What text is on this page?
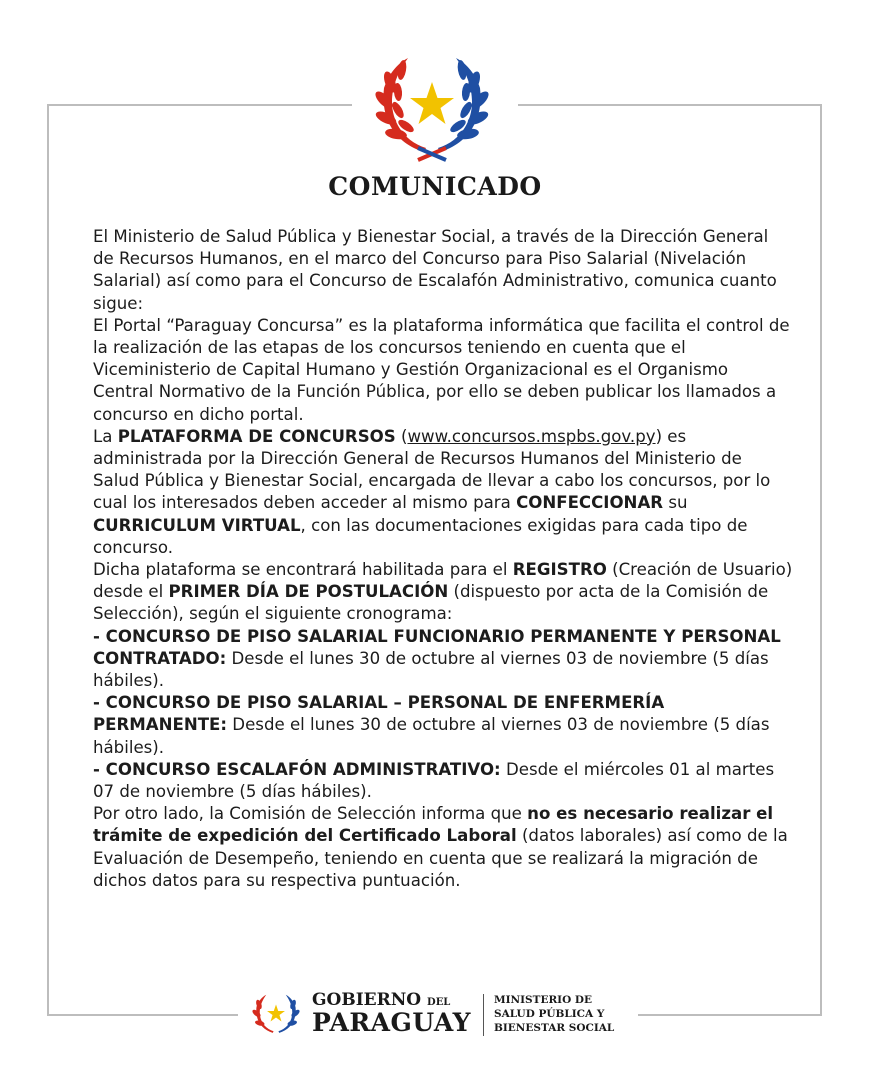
COMUNICADO

El Ministerio de Salud Pública y Bienestar Social, a través de la Dirección General de Recursos Humanos, en el marco del Concurso para Piso Salarial (Nivelación Salarial) así como para el Concurso de Escalafón Administrativo, comunica cuanto sigue:

El Portal “Paraguay Concursa” es la plataforma informática que facilita el control de la realización de las etapas de los concursos teniendo en cuenta que el Viceministerio de Capital Humano y Gestión Organizacional es el Organismo Central Normativo de la Función Pública, por ello se deben publicar los llamados a concurso en dicho portal.

La PLATAFORMA DE CONCURSOS (www.concursos.mspbs.gov.py) es administrada por la Dirección General de Recursos Humanos del Ministerio de Salud Pública y Bienestar Social, encargada de llevar a cabo los concursos, por lo cual los interesados deben acceder al mismo para CONFECCIONAR su CURRICULUM VIRTUAL, con las documentaciones exigidas para cada tipo de concurso.

Dicha plataforma se encontrará habilitada para el REGISTRO (Creación de Usuario) desde el PRIMER DÍA DE POSTULACIÓN (dispuesto por acta de la Comisión de Selección), según el siguiente cronograma:

- CONCURSO DE PISO SALARIAL FUNCIONARIO PERMANENTE Y PERSONAL CONTRATADO: Desde el lunes 30 de octubre al viernes 03 de noviembre (5 días hábiles).

- CONCURSO DE PISO SALARIAL – PERSONAL DE ENFERMERÍA PERMANENTE: Desde el lunes 30 de octubre al viernes 03 de noviembre (5 días hábiles).

- CONCURSO ESCALAFÓN ADMINISTRATIVO: Desde el miércoles 01 al martes 07 de noviembre (5 días hábiles).

Por otro lado, la Comisión de Selección informa que no es necesario realizar el trámite de expedición del Certificado Laboral (datos laborales) así como de la Evaluación de Desempeño, teniendo en cuenta que se realizará la migración de dichos datos para su respectiva puntuación.

GOBIERNO DEL
PARAGUAY
MINISTERIO DE
SALUD PÚBLICA Y
BIENESTAR SOCIAL
